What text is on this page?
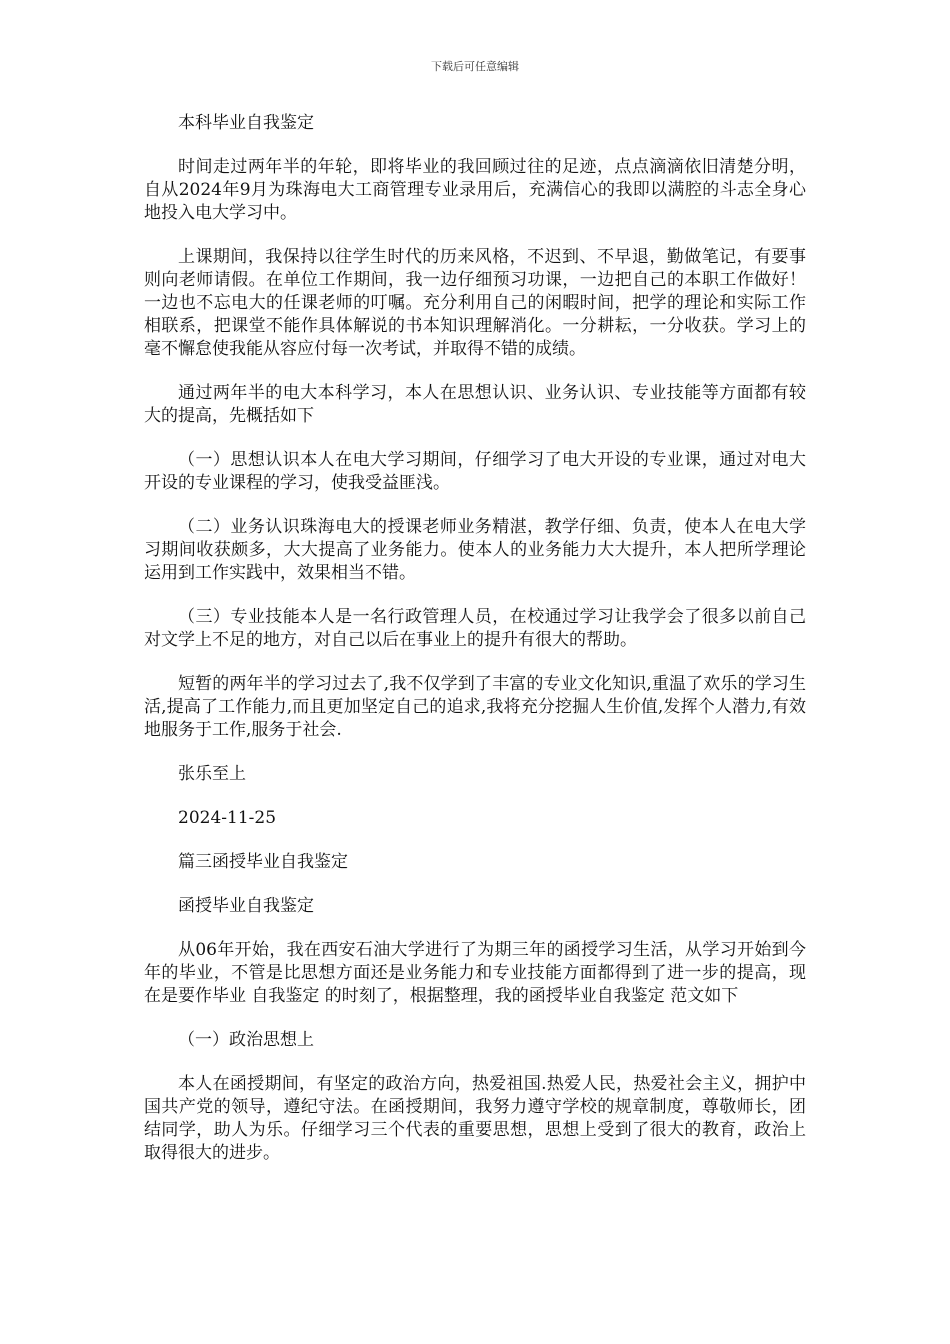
下载后可任意编辑

本科毕业自我鉴定

时间走过两年半的年轮，即将毕业的我回顾过往的足迹，点点滴滴依旧清楚分明，自从2024年9月为珠海电大工商管理专业录用后，充满信心的我即以满腔的斗志全身心地投入电大学习中。

上课期间，我保持以往学生时代的历来风格，不迟到、不早退，勤做笔记，有要事则向老师请假。在单位工作期间，我一边仔细预习功课，一边把自己的本职工作做好！一边也不忘电大的任课老师的叮嘱。充分利用自己的闲暇时间，把学的理论和实际工作相联系，把课堂不能作具体解说的书本知识理解消化。一分耕耘，一分收获。学习上的毫不懈怠使我能从容应付每一次考试，并取得不错的成绩。

通过两年半的电大本科学习，本人在思想认识、业务认识、专业技能等方面都有较大的提高，先概括如下

（一）思想认识本人在电大学习期间，仔细学习了电大开设的专业课，通过对电大开设的专业课程的学习，使我受益匪浅。

（二）业务认识珠海电大的授课老师业务精湛，教学仔细、负责，使本人在电大学习期间收获颇多，大大提高了业务能力。使本人的业务能力大大提升，本人把所学理论运用到工作实践中，效果相当不错。

（三）专业技能本人是一名行政管理人员，在校通过学习让我学会了很多以前自己对文学上不足的地方，对自己以后在事业上的提升有很大的帮助。

短暂的两年半的学习过去了,我不仅学到了丰富的专业文化知识,重温了欢乐的学习生活,提高了工作能力,而且更加坚定自己的追求,我将充分挖掘人生价值,发挥个人潜力,有效地服务于工作,服务于社会.

张乐至上

2024-11-25

篇三函授毕业自我鉴定

函授毕业自我鉴定

从06年开始，我在西安石油大学进行了为期三年的函授学习生活，从学习开始到今年的毕业，不管是比思想方面还是业务能力和专业技能方面都得到了进一步的提高，现在是要作毕业 自我鉴定 的时刻了，根据整理，我的函授毕业自我鉴定 范文如下

（一）政治思想上

本人在函授期间，有坚定的政治方向，热爱祖国.热爱人民，热爱社会主义，拥护中国共产党的领导，遵纪守法。在函授期间，我努力遵守学校的规章制度，尊敬师长，团结同学，助人为乐。仔细学习三个代表的重要思想，思想上受到了很大的教育，政治上取得很大的进步。
